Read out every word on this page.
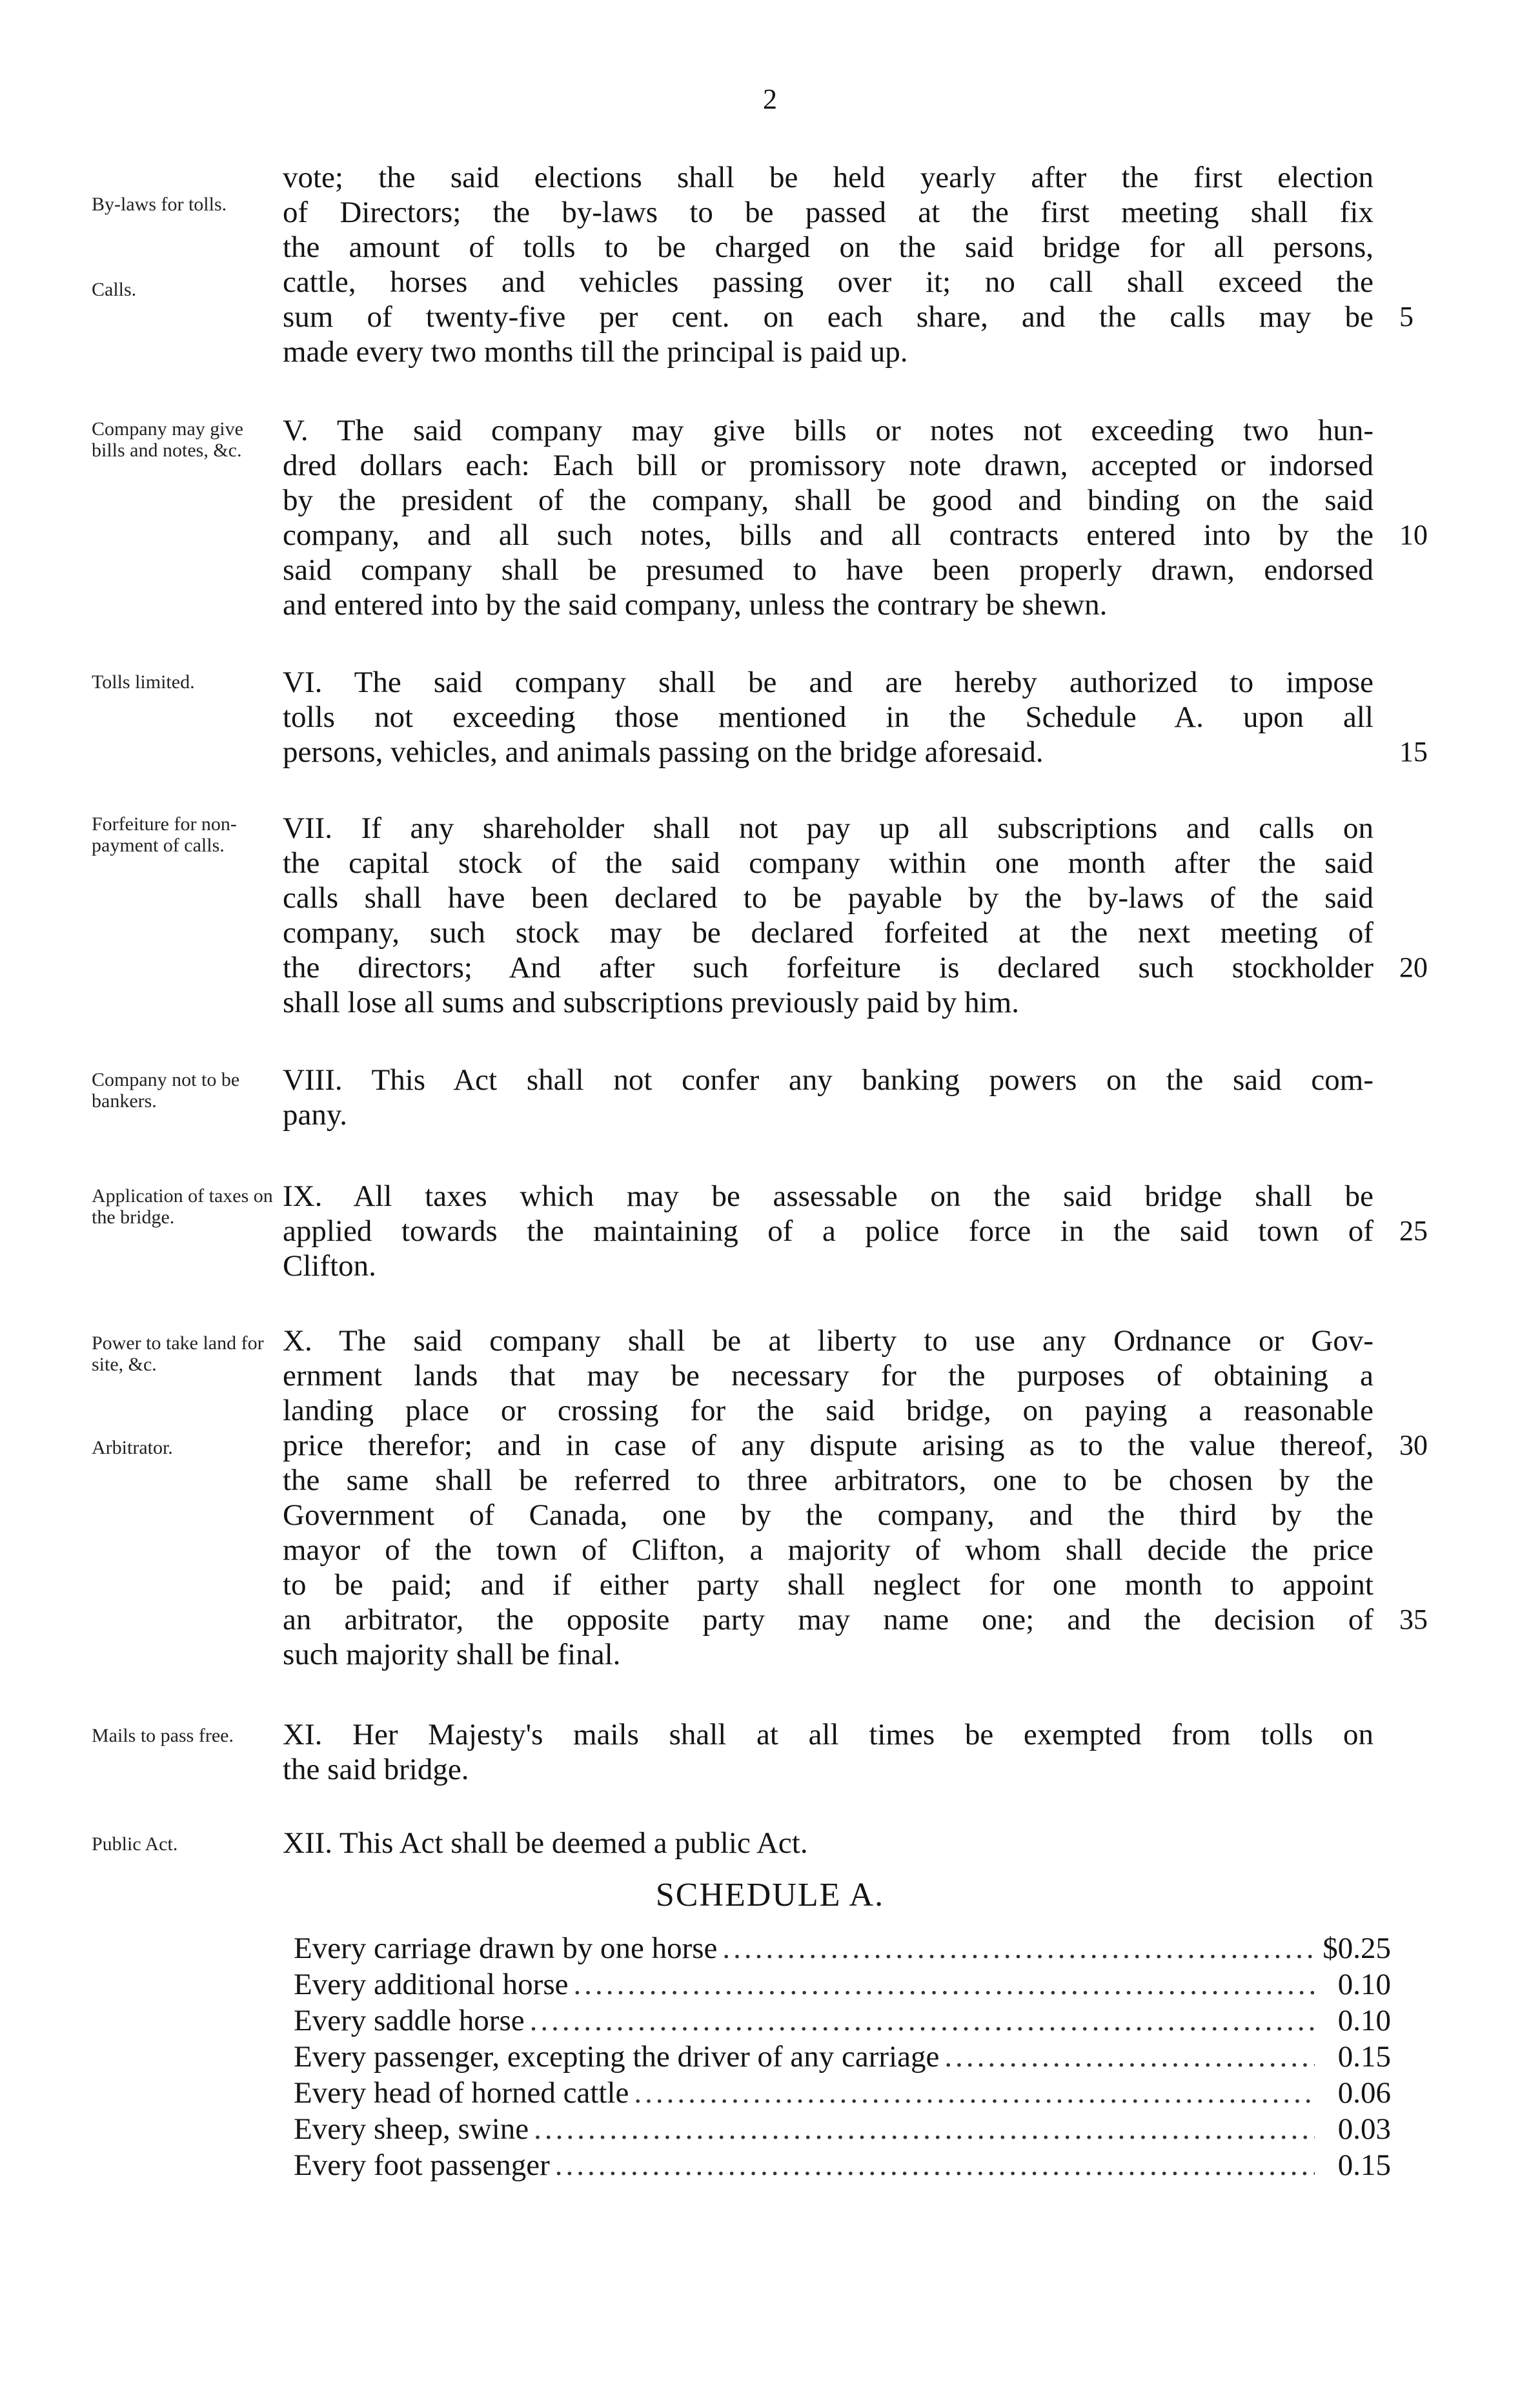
2
By-laws for tolls.
Calls.
vote; the said elections shall be held yearly after the first election
of Directors; the by-laws to be passed at the first meeting shall fix
the amount of tolls to be charged on the said bridge for all persons,
cattle, horses and vehicles passing over it; no call shall exceed the
sum of twenty-five per cent. on each share, and the calls may be
made every two months till the principal is paid up.
Company may give bills and notes, &c.
V. The said company may give bills or notes not exceeding two hun-
dred dollars each: Each bill or promissory note drawn, accepted or indorsed
by the president of the company, shall be good and binding on the said
company, and all such notes, bills and all contracts entered into by the
said company shall be presumed to have been properly drawn, endorsed
and entered into by the said company, unless the contrary be shewn.
Tolls limited.	VI. The said company shall be and are hereby authorized to impose
tolls not exceeding those mentioned in the Schedule A. upon all
persons, vehicles, and animals passing on the bridge aforesaid.
Forfeiture for non-payment of calls.
VII. If any shareholder shall not pay up all subscriptions and calls on
the capital stock of the said company within one month after the said
calls shall have been declared to be payable by the by-laws of the said
company, such stock may be declared forfeited at the next meeting of
the directors; And after such forfeiture is declared such stockholder
shall lose all sums and subscriptions previously paid by him.
Company not to be bankers.
VIII. This Act shall not confer any banking powers on the said com-
pany.
Application of taxes on the bridge.
IX. All taxes which may be assessable on the said bridge shall be
applied towards the maintaining of a police force in the said town of
Clifton.
Power to take land for site, &c.
Arbitrator.
X. The said company shall be at liberty to use any Ordnance or Gov-
ernment lands that may be necessary for the purposes of obtaining a
landing place or crossing for the said bridge, on paying a reasonable
price therefor; and in case of any dispute arising as to the value thereof,
the same shall be referred to three arbitrators, one to be chosen by the
Government of Canada, one by the company, and the third by the
mayor of the town of Clifton, a majority of whom shall decide the price
to be paid; and if either party shall neglect for one month to appoint
an arbitrator, the opposite party may name one; and the decision of
such majority shall be final.
Mails to pass free.	XI. Her Majesty's mails shall at all times be exempted from tolls on
the said bridge.
Public Act.	XII. This Act shall be deemed a public Act.
5
10
15
20
25
30
35
SCHEDULE A.
Every carriage drawn by one horse .....	$0.25
Every additional horse .....	0.10
Every saddle horse .....	0.10
Every passenger, excepting the driver of any carriage .....	0.15
Every head of horned cattle .....	0.06
Every sheep, swine .....	0.03
Every foot passenger .....	0.15
